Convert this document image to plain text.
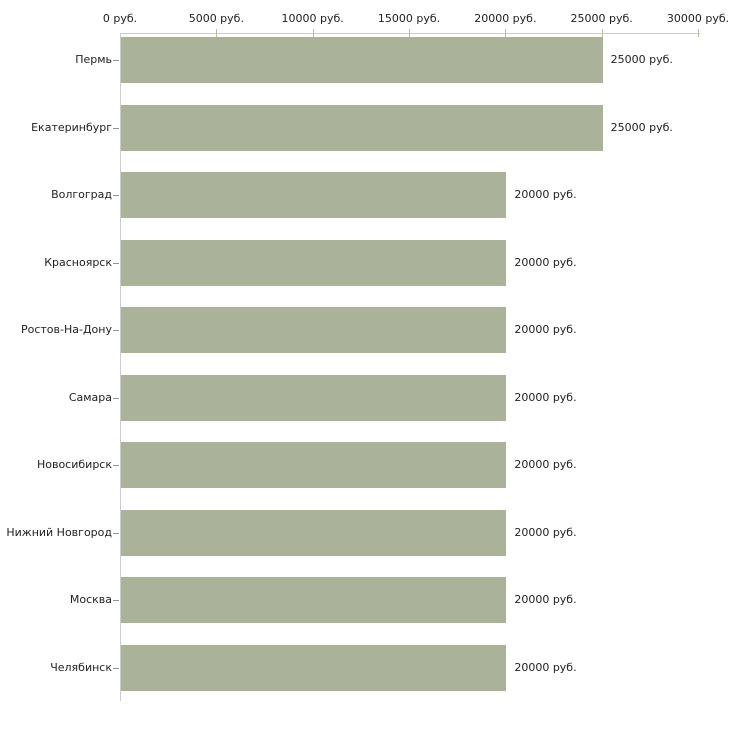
0 руб.	5000 руб.	10000 руб.	15000 руб.	20000 руб.	25000 руб.	30000 руб.
Пермь	25000 руб.
Екатеринбург	25000 руб.
Волгоград	20000 руб.
Красноярск	20000 руб.
Ростов-На-Дону	20000 руб.
Самара	20000 руб.
Новосибирск	20000 руб.
Нижний Новгород	20000 руб.
Москва	20000 руб.
Челябинск	20000 руб.
